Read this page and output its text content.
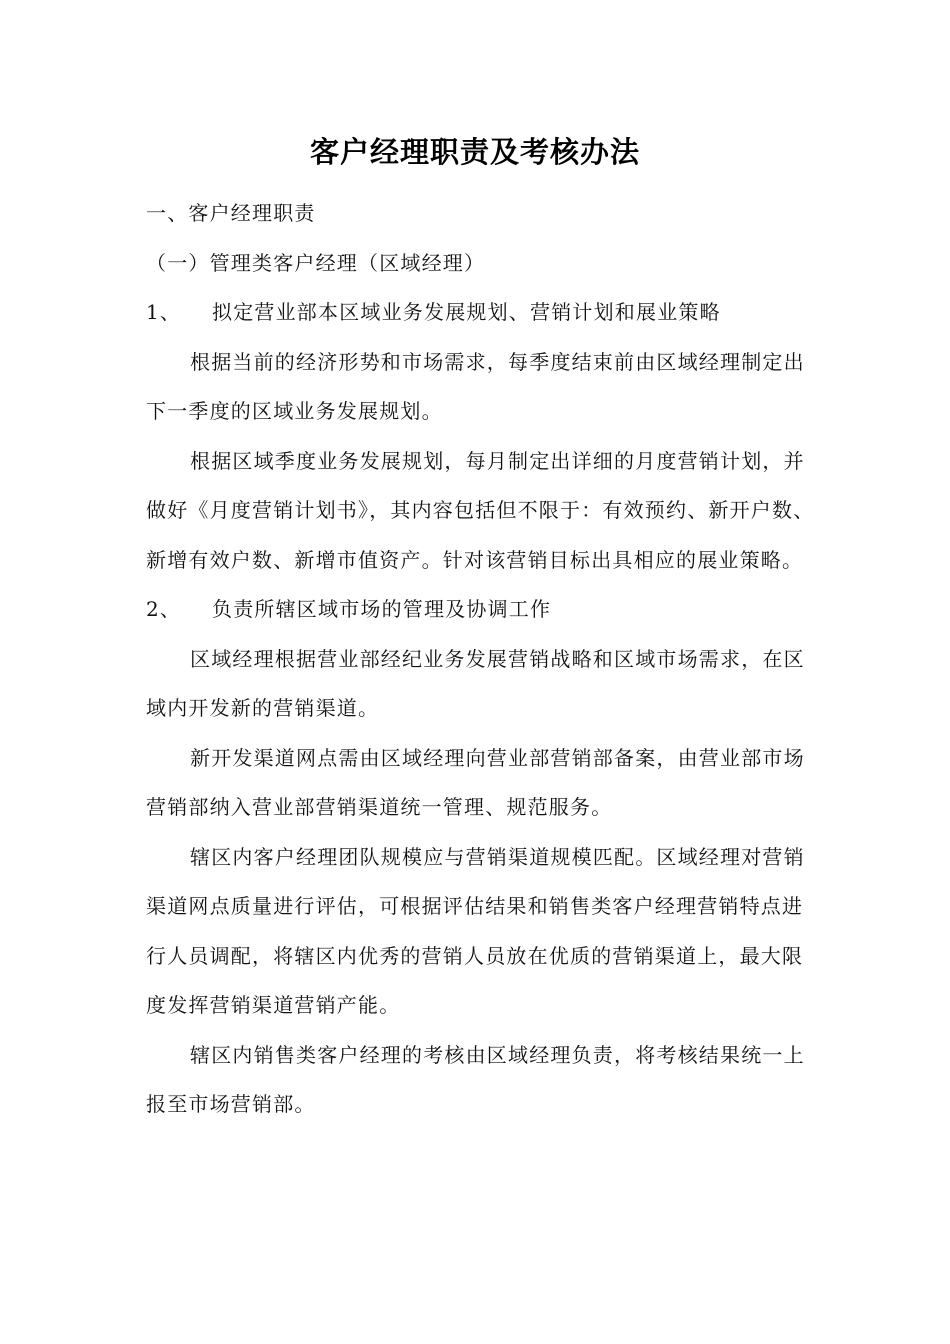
客户经理职责及考核办法

一、客户经理职责

（一）管理类客户经理（区域经理）

1、 拟定营业部本区域业务发展规划、营销计划和展业策略

根据当前的经济形势和市场需求，每季度结束前由区域经理制定出下一季度的区域业务发展规划。

根据区域季度业务发展规划，每月制定出详细的月度营销计划，并做好《月度营销计划书》，其内容包括但不限于：有效预约、新开户数、新增有效户数、新增市值资产。针对该营销目标出具相应的展业策略。

2、 负责所辖区域市场的管理及协调工作

区域经理根据营业部经纪业务发展营销战略和区域市场需求，在区域内开发新的营销渠道。

新开发渠道网点需由区域经理向营业部营销部备案，由营业部市场营销部纳入营业部营销渠道统一管理、规范服务。

辖区内客户经理团队规模应与营销渠道规模匹配。区域经理对营销渠道网点质量进行评估，可根据评估结果和销售类客户经理营销特点进行人员调配，将辖区内优秀的营销人员放在优质的营销渠道上，最大限度发挥营销渠道营销产能。

辖区内销售类客户经理的考核由区域经理负责，将考核结果统一上报至市场营销部。
